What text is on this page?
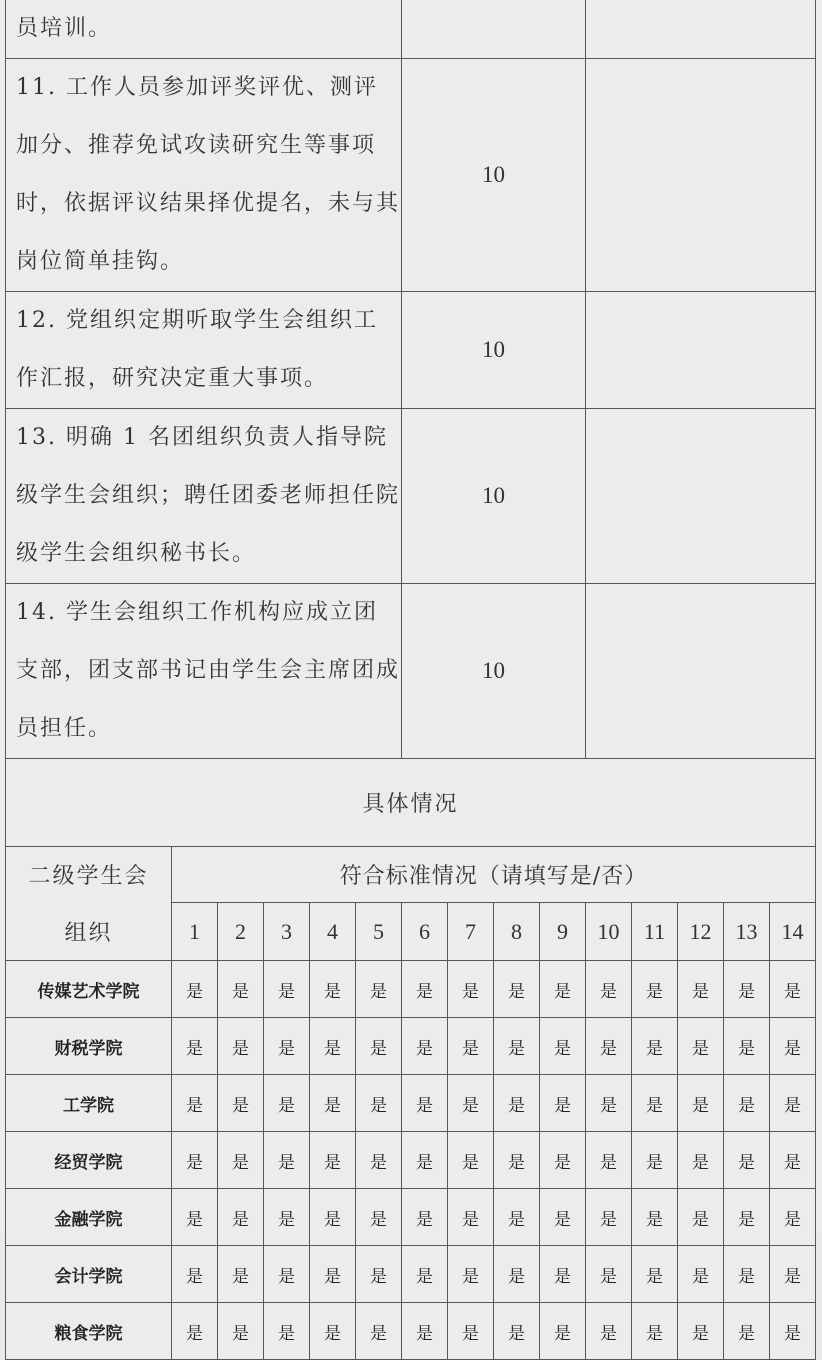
员培训。														
11. 工作人员参加评奖评优、测评加分、推荐免试攻读研究生等事项时，依据评议结果择优提名，未与其岗位简单挂钩。						10								
12. 党组织定期听取学生会组织工作汇报，研究决定重大事项。						10								
13. 明确 1 名团组织负责人指导院级学生会组织；聘任团委老师担任院级学生会组织秘书长。						10								
14. 学生会组织工作机构应成立团支部，团支部书记由学生会主席团成员担任。						10								
具体情况														
二级学生会	符合标准情况（请填写是/否）													
组织	1	2	3	4	5	6	7	8	9	10	11	12	13	14
传媒艺术学院	是	是	是	是	是	是	是	是	是	是	是	是	是	是
财税学院	是	是	是	是	是	是	是	是	是	是	是	是	是	是
工学院	是	是	是	是	是	是	是	是	是	是	是	是	是	是
经贸学院	是	是	是	是	是	是	是	是	是	是	是	是	是	是
金融学院	是	是	是	是	是	是	是	是	是	是	是	是	是	是
会计学院	是	是	是	是	是	是	是	是	是	是	是	是	是	是
粮食学院	是	是	是	是	是	是	是	是	是	是	是	是	是	是
